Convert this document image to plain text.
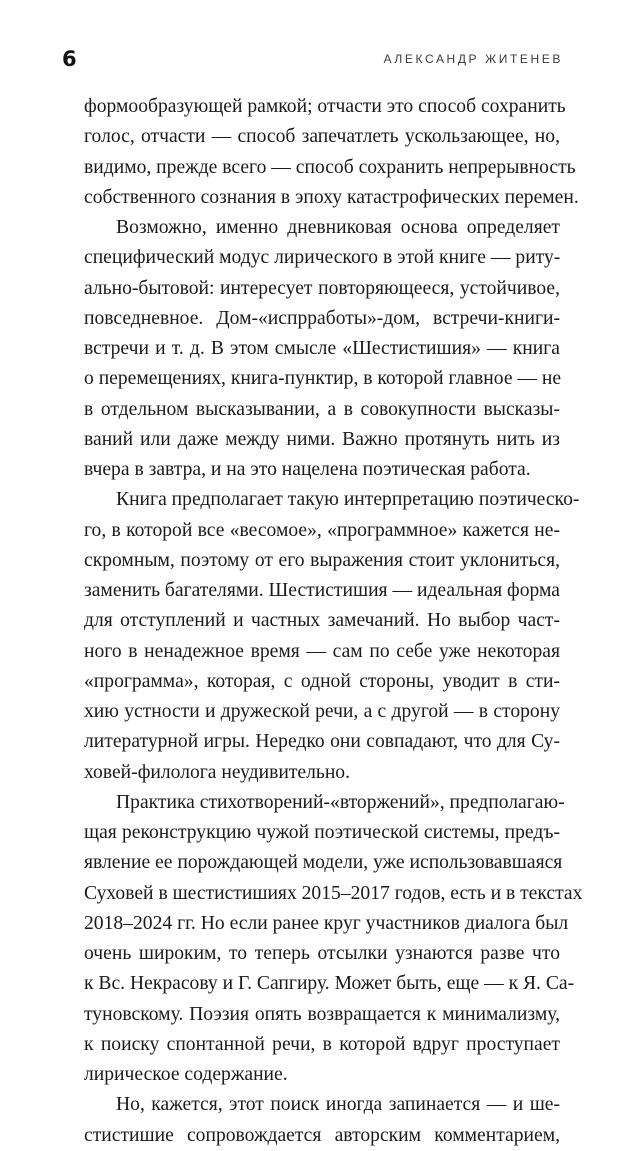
6	АЛЕКСАНДР ЖИТЕНЕВ

формообразующей рамкой; отчасти это способ сохранить
голос, отчасти — способ запечатлеть ускользающее, но,
видимо, прежде всего — способ сохранить непрерывность
собственного сознания в эпоху катастрофических перемен.

Возможно, именно дневниковая основа определяет
специфический модус лирического в этой книге — риту-
ально-бытовой: интересует повторяющееся, устойчивое,
повседневное. Дом-«испрработы»-дом, встречи-книги-
встречи и т. д. В этом смысле «Шестистишия» — книга
о перемещениях, книга-пунктир, в которой главное — не
в отдельном высказывании, а в совокупности высказы-
ваний или даже между ними. Важно протянуть нить из
вчера в завтра, и на это нацелена поэтическая работа.

Книга предполагает такую интерпретацию поэтическо-
го, в которой все «весомое», «программное» кажется не-
скромным, поэтому от его выражения стоит уклониться,
заменить багателями. Шестистишия — идеальная форма
для отступлений и частных замечаний. Но выбор част-
ного в ненадежное время — сам по себе уже некоторая
«программа», которая, с одной стороны, уводит в сти-
хию устности и дружеской речи, а с другой — в сторону
литературной игры. Нередко они совпадают, что для Су-
ховей-филолога неудивительно.

Практика стихотворений-«вторжений», предполагаю-
щая реконструкцию чужой поэтической системы, предъ-
явление ее порождающей модели, уже использовавшаяся
Суховей в шестистишиях 2015–2017 годов, есть и в текстах
2018–2024 гг. Но если ранее круг участников диалога был
очень широким, то теперь отсылки узнаются разве что
к Вс. Некрасову и Г. Сапгиру. Может быть, еще — к Я. Са-
туновскому. Поэзия опять возвращается к минимализму,
к поиску спонтанной речи, в которой вдруг проступает
лирическое содержание.

Но, кажется, этот поиск иногда запинается — и ше-
стистишие сопровождается авторским комментарием,
